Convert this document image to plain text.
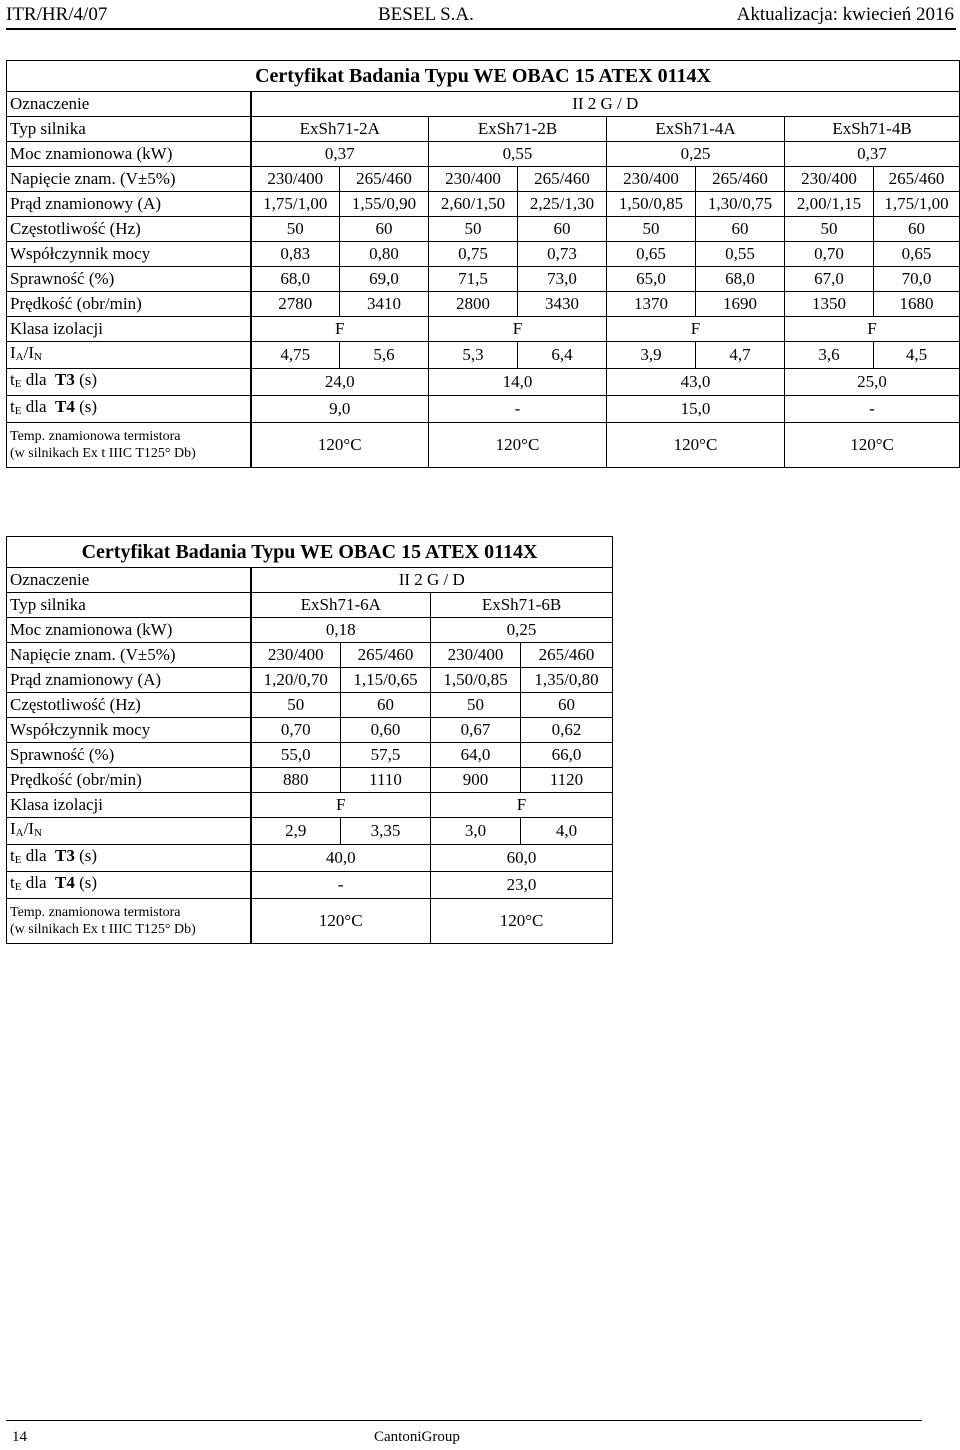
ITR/HR/4/07	BESEL S.A.	Aktualizacja: kwiecień 2016
Certyfikat Badania Typu WE OBAC 15 ATEX 0114X								
Oznaczenie	II 2 G / D							
Typ silnika	ExSh71-2A		ExSh71-2B		ExSh71-4A		ExSh71-4B	
Moc znamionowa (kW)	0,37		0,55		0,25		0,37	
Napięcie znam. (V±5%)	230/400	265/460	230/400	265/460	230/400	265/460	230/400	265/460
Prąd znamionowy (A)	1,75/1,00	1,55/0,90	2,60/1,50	2,25/1,30	1,50/0,85	1,30/0,75	2,00/1,15	1,75/1,00
Częstotliwość (Hz)	50	60	50	60	50	60	50	60
Współczynnik mocy	0,83	0,80	0,75	0,73	0,65	0,55	0,70	0,65
Sprawność (%)	68,0	69,0	71,5	73,0	65,0	68,0	67,0	70,0
Prędkość (obr/min)	2780	3410	2800	3430	1370	1690	1350	1680
Klasa izolacji	F		F		F		F	
IA/IN	4,75	5,6	5,3	6,4	3,9	4,7	3,6	4,5
tE dla  T3 (s)	24,0		14,0		43,0		25,0	
tE dla  T4 (s)	9,0		-		15,0		-	

Temp. znamionowa termistora
(w silnikach Ex t IIIC T125° Db)	120°C		120°C		120°C		120°C	
Certyfikat Badania Typu WE OBAC 15 ATEX 0114X				
Oznaczenie	II 2 G / D			
Typ silnika	ExSh71-6A		ExSh71-6B	
Moc znamionowa (kW)	0,18		0,25	
Napięcie znam. (V±5%)	230/400	265/460	230/400	265/460
Prąd znamionowy (A)	1,20/0,70	1,15/0,65	1,50/0,85	1,35/0,80
Częstotliwość (Hz)	50	60	50	60
Współczynnik mocy	0,70	0,60	0,67	0,62
Sprawność (%)	55,0	57,5	64,0	66,0
Prędkość (obr/min)	880	1110	900	1120
Klasa izolacji	F		F	
IA/IN	2,9	3,35	3,0	4,0
tE dla  T3 (s)	40,0		60,0	
tE dla  T4 (s)	-		23,0	

Temp. znamionowa termistora
(w silnikach Ex t IIIC T125° Db)	120°C		120°C	
14	CantoniGroup
